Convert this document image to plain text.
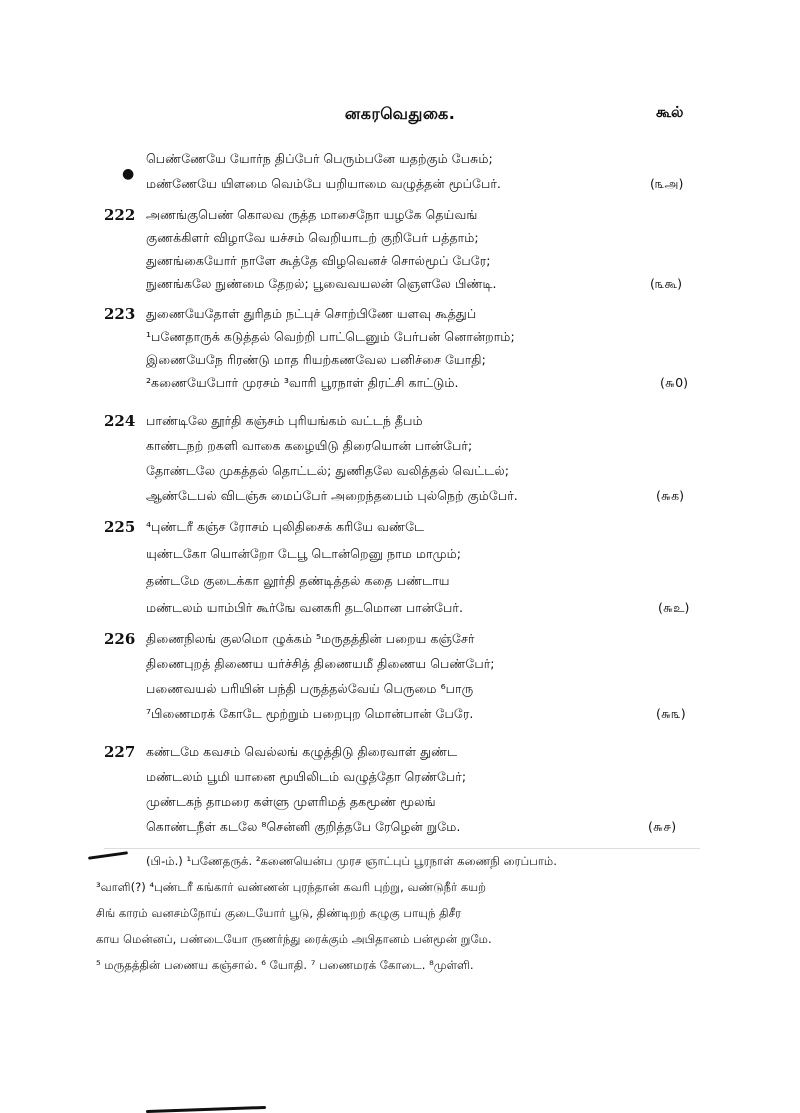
னகரவெதுகை.	கூல்
●
பெண்ணேயே யோர்ந திப்பேர் பெரும்பனே யதற்கும் பேசும்;
மண்ணேயே யிளமை வெம்பே யறியாமை வழுத்தன் மூப்பேர்.	(௩அ)
222 அணங்குபெண் கொலவ ருத்த மாசைநோ யழகே தெய்வங்
குணக்கிளர் விழாவே யச்சம் வெறியாடற் குறிபேர் பத்தாம்;
துணங்கையோர் நாளே கூத்தே விழவெனச் சொல்மூப் பேரே;
நுணங்கலே நுண்மை தேறல்; பூவைவயலன் ஞெளலே பிண்டி.	(௩கூ)
223 துணையேதோள் துரிதம் நட்புச் சொற்பிணே யளவு கூத்துப்
¹பணேதாருக் கடுத்தல் வெற்றி பாட்டெனும் பேர்பன் னொன்றாம்;
இணையேநே ரிரண்டு மாத ரியற்கணவேல பனிச்சை யோதி;
²கணையேபோர் முரசம் ³வாரி பூரநாள் திரட்சி காட்டும்.	(௬0)
224 பாண்டிலே தூர்தி கஞ்சம் புரியங்கம் வட்டந் தீபம்
காண்டநற் றகளி வாகை கழையிடு திரையொன் பான்பேர்;
தோண்டலே முகத்தல் தொட்டல்; துணிதலே வலித்தல் வெட்டல்;
ஆண்டேபல் விடஞ்சு மைப்பேர் அறைந்தபைம் புல்நெற் கும்பேர்.	(௬க)
225 ⁴புண்டரீ கஞ்ச ரோசம் புலிதிசைக் கரியே வண்டே
யுண்டகோ யொன்றோ டேபூ டொன்றெனு நாம மாமும்;
தண்டமே குடைக்கா லூர்தி தண்டித்தல் கதை பண்டாய
மண்டலம் யாம்பிர் கூர்ஙே வனகரி தடமொன பான்பேர்.	(௬உ)
226 திணைநிலங் குலமொ ழுக்கம் ⁵மருதத்தின் பறைய கஞ்சேர்
திணைபுறத் திணைய யர்ச்சித் திணையமீ திணைய பெண்பேர்;
பணைவயல் பரியின் பந்தி பருத்தல்வேய் பெருமை ⁶பாரு
⁷பிணைமரக் கோடே மூற்றும் பறைபுற மொன்பான் பேரே.	(௬௩)
227 கண்டமே கவசம் வெல்லங் கழுத்திடு திரைவாள் துண்ட
மண்டலம் பூமி யானை மூயிலிடம் வழுத்தோ ரெண்பேர்;
முண்டகந் தாமரை கள்ளு முளரிமத் தகமூண் மூலங்
கொண்டநீள் கடலே ⁸சென்னி குறித்தபே ரேழென் றுமே.	(௬௪)
(பி-ம்.) ¹பணேதருக். ²கணையென்ப முரச ஞாட்புப் பூரநாள் கணைநி ரைப்பாம்.
³வாளி(?) ⁴புண்டரீ கங்கார் வண்ணன் புரந்தான் கவரி புற்று, வண்டுநீர் கயற்
சிங் காரம் வனசம்நோய் குடையோர் பூடு, திண்டிறற் கழுகு பாயுந் திசீர
காய மென்னப், பண்டையோ ருணர்ந்து ரைக்கும் அபிதானம் பன்மூன் றுமே.
⁵ மருதத்தின் பணைய கஞ்சால். ⁶ யோதி. ⁷ பணைமரக் கோடை. ⁸முள்ளி.
